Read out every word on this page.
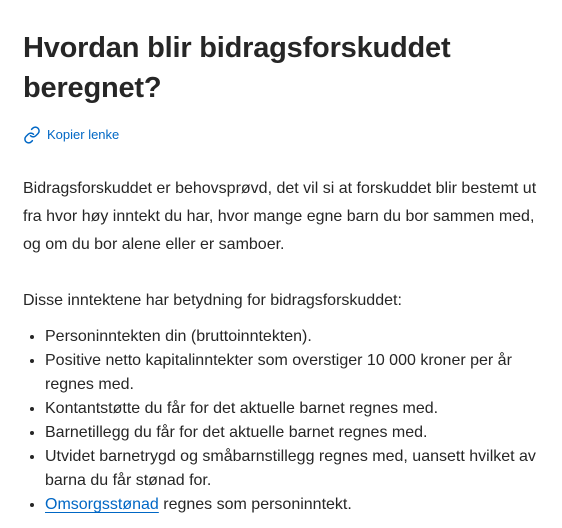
Hvordan blir bidragsforskuddet beregnet?
Kopier lenke

Bidragsforskuddet er behovsprøvd, det vil si at forskuddet blir bestemt ut fra hvor høy inntekt du har, hvor mange egne barn du bor sammen med, og om du bor alene eller er samboer.

Disse inntektene har betydning for bidragsforskuddet:

• Personinntekten din (bruttoinntekten).
• Positive netto kapitalinntekter som overstiger 10 000 kroner per år regnes med.
• Kontantstøtte du får for det aktuelle barnet regnes med.
• Barnetillegg du får for det aktuelle barnet regnes med.
• Utvidet barnetrygd og småbarnstillegg regnes med, uansett hvilket av barna du får stønad for.
• Omsorgsstønad regnes som personinntekt.
